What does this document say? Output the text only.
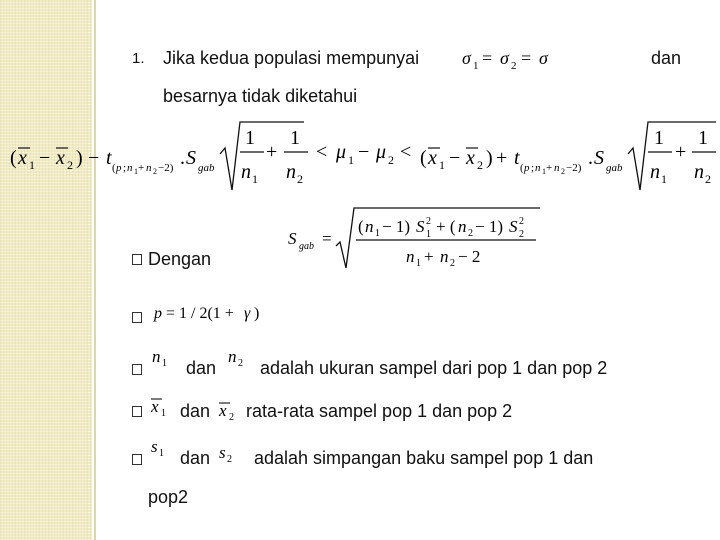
1. Jika kedua populasi mempunyai σ 1 = σ 2 = σ	dan
besarnya tidak diketahui
( x 1 − x 2 ) − t ( p ; n 1 + n 2 −2) . S gab
1
n 1
+
1
n 2
< μ 1 − μ 2 < ( x 1 − x 2 ) + t ( p ; n 1 + n 2 −2) . S gab
1
n 1
+
1
n 2
S gab =
( n 1 − 1) S 2
1 + ( n 2 − 1) S 2
2
n 1 + n 2 − 2
Dengan
p = 1 / 2(1 + γ )
n 1 dan
n 2 adalah ukuran sampel dari pop 1 dan pop 2
x 1 dan x 2 rata-rata sampel pop 1 dan pop 2
s 1 dan s 2 adalah simpangan baku sampel pop 1 dan
pop2
